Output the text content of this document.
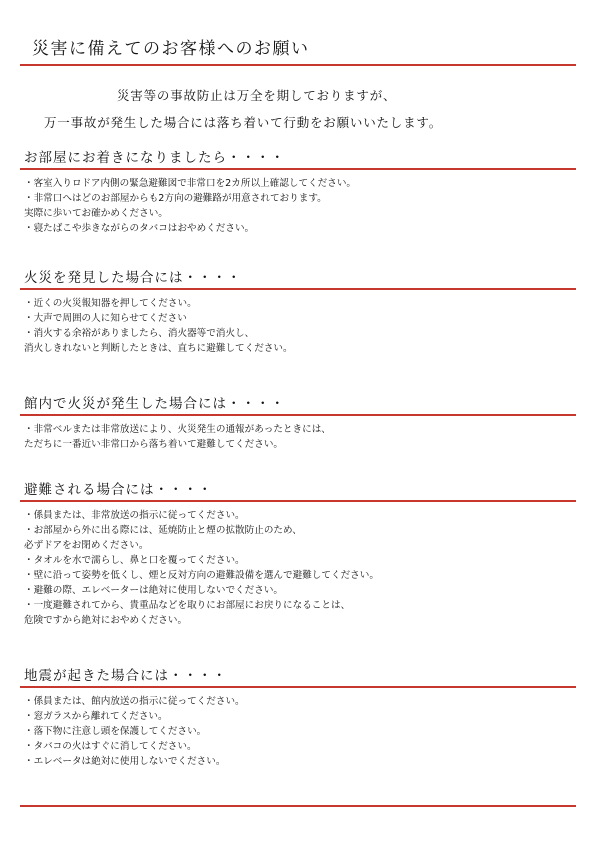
災害に備えてのお客様へのお願い
災害等の事故防止は万全を期しておりますが、
万一事故が発生した場合には落ち着いて行動をお願いいたします。
お部屋にお着きになりましたら・・・・
・客室入りロドア内側の緊急避難図で非常口を2カ所以上確認してください。
・非常口へはどのお部屋からも2方向の避難路が用意されております。
実際に歩いてお確かめください。
・寝たばこや歩きながらのタバコはおやめください。
火災を発見した場合には・・・・
・近くの火災報知器を押してください。
・大声で周囲の人に知らせてください
・消火する余裕がありましたら、消火器等で消火し、
消火しきれないと判断したときは、直ちに避難してください。
館内で火災が発生した場合には・・・・
・非常ベルまたは非常放送により、火災発生の通報があったときには、
ただちに一番近い非常口から落ち着いて避難してください。
避難される場合には・・・・
・係員または、非常放送の指示に従ってください。
・お部屋から外に出る際には、延焼防止と煙の拡散防止のため、
必ずドアをお閉めください。
・タオルを水で濡らし、鼻と口を覆ってください。
・壁に沿って姿勢を低くし、煙と反対方向の避難設備を選んで避難してください。
・避難の際、エレベーターは絶対に使用しないでください。
・一度避難されてから、貴重品などを取りにお部屋にお戻りになることは、
危険ですから絶対におやめください。
地震が起きた場合には・・・・
・係員または、館内放送の指示に従ってください。
・窓ガラスから離れてください。
・落下物に注意し頭を保護してください。
・タバコの火はすぐに消してください。
・エレベータは絶対に使用しないでください。
